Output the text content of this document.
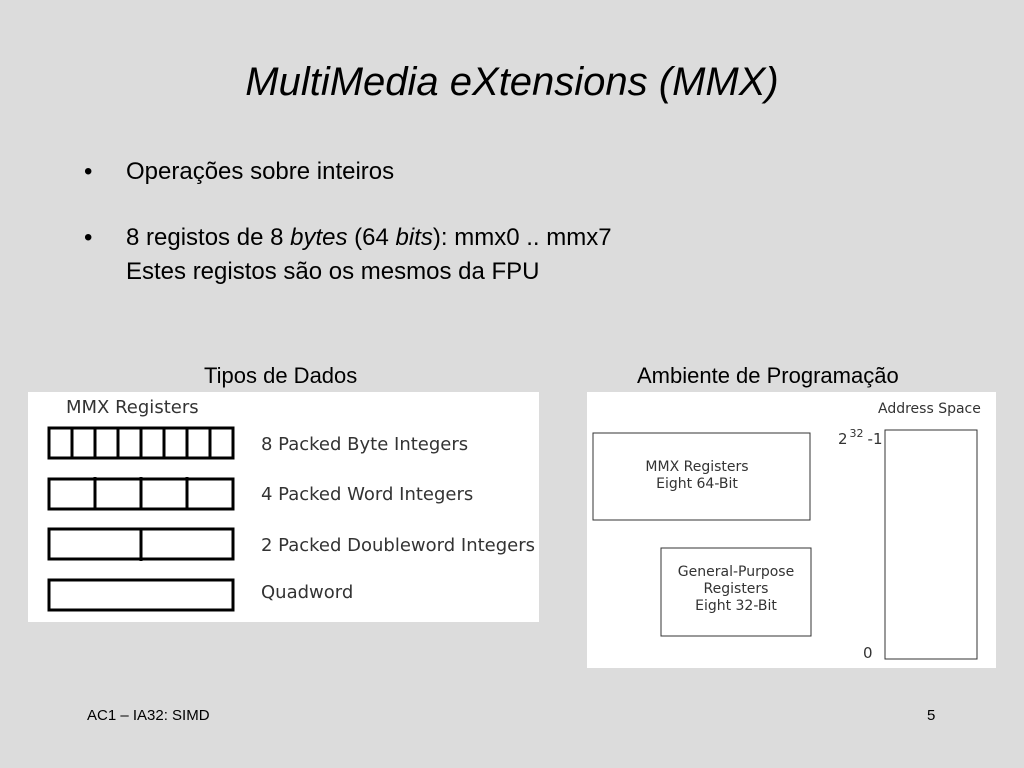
MultiMedia eXtensions (MMX)
• Operações sobre inteiros
• 8 registos de 8 bytes (64 bits): mmx0 .. mmx7
Estes registos são os mesmos da FPU
Tipos de Dados	Ambiente de Programação
MMX Registers
8 Packed Byte Integers
4 Packed Word Integers
2 Packed Doubleword Integers
Quadword
Address Space
2 $^{32}$ -1
0
MMX Registers
Eight 64-Bit
General-Purpose
Registers
Eight 32-Bit
AC1 – IA32: SIMD	5
